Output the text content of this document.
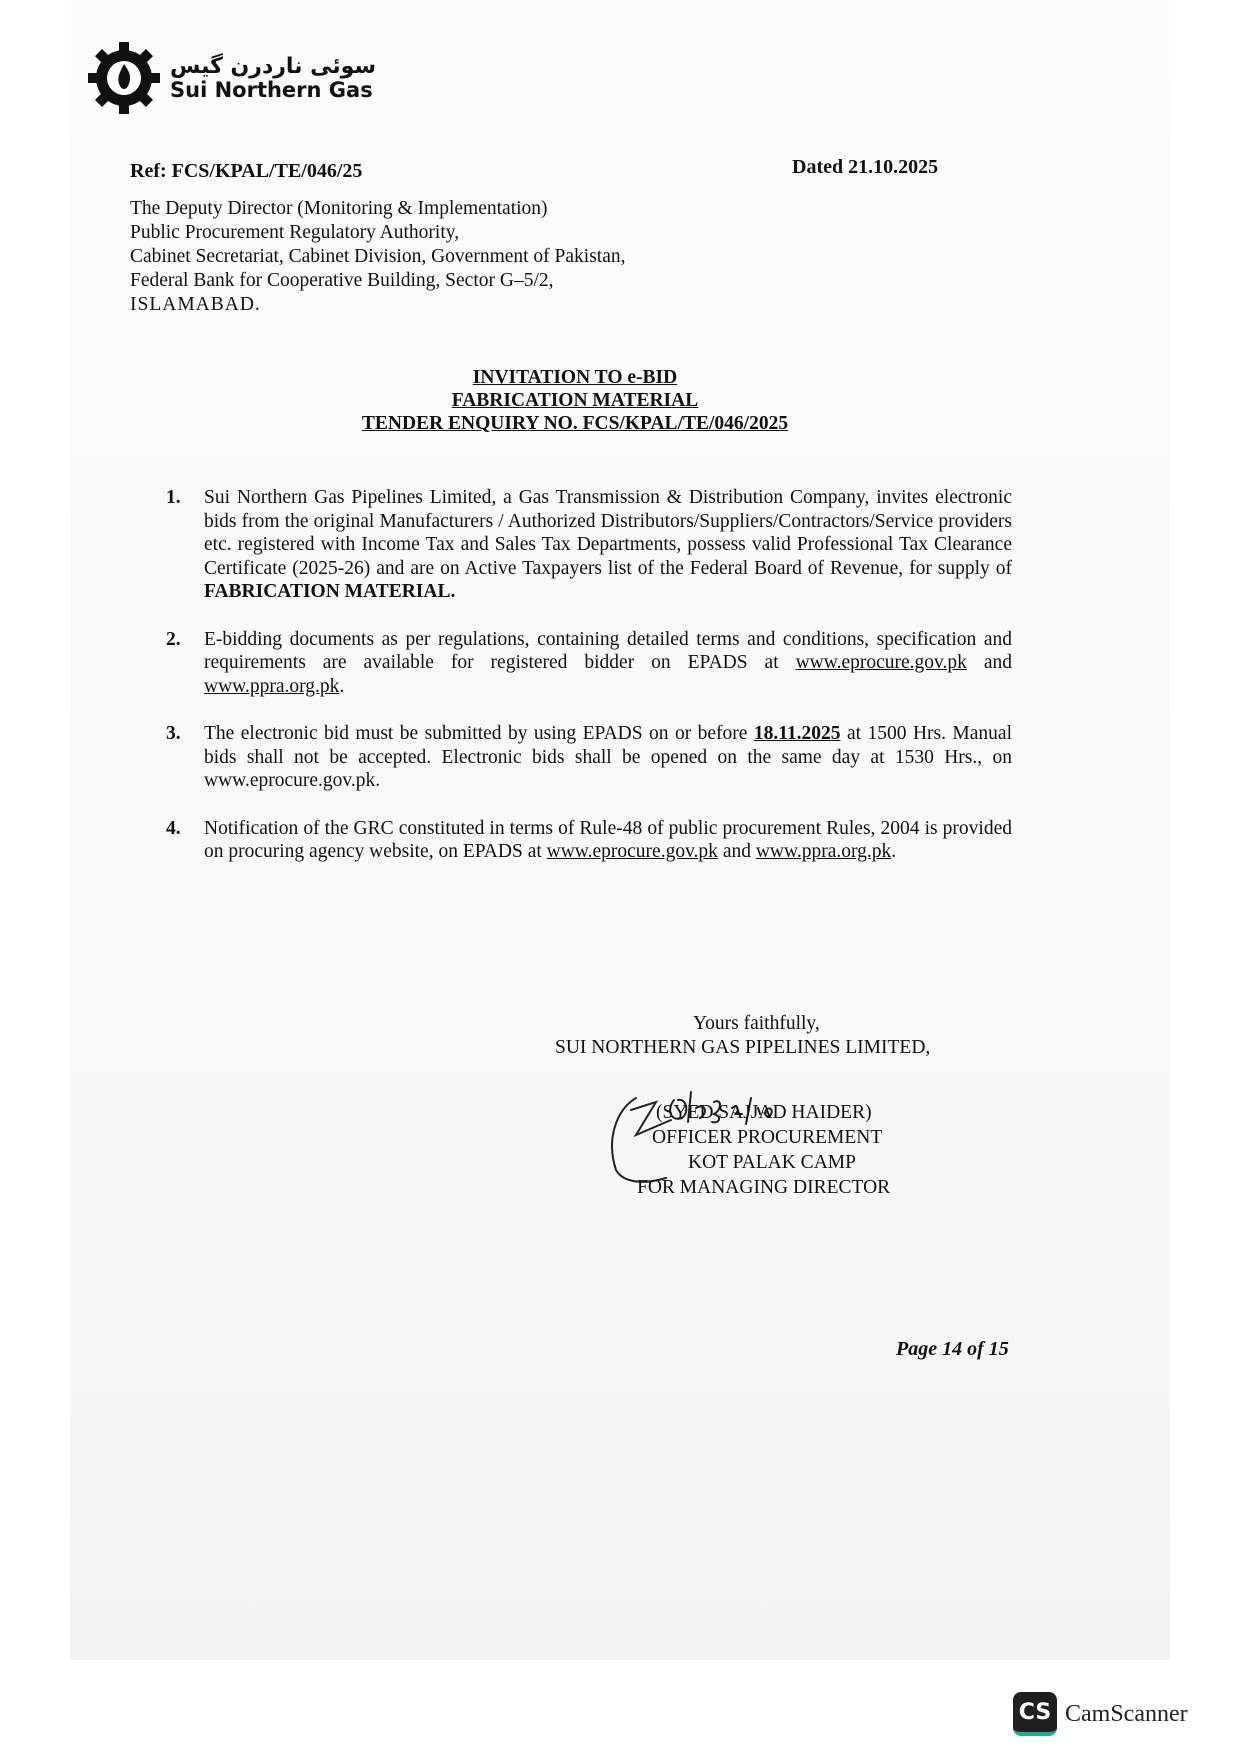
سوئی ناردرن گیس
Sui Northern Gas
Ref: FCS/KPAL/TE/046/25	Dated 21.10.2025
The Deputy Director (Monitoring & Implementation)
Public Procurement Regulatory Authority,
Cabinet Secretariat, Cabinet Division, Government of Pakistan,
Federal Bank for Cooperative Building, Sector G–5/2,
ISLAMABAD.
INVITATION TO e-BID
FABRICATION MATERIAL
TENDER ENQUIRY NO. FCS/KPAL/TE/046/2025
1.	Sui Northern Gas Pipelines Limited, a Gas Transmission & Distribution Company, invites electronic bids from the original Manufacturers / Authorized Distributors/Suppliers/Contractors/Service providers etc. registered with Income Tax and Sales Tax Departments, possess valid Professional Tax Clearance Certificate (2025-26) and are on Active Taxpayers list of the Federal Board of Revenue, for supply of FABRICATION MATERIAL.
2.	E-bidding documents as per regulations, containing detailed terms and conditions, specification and requirements are available for registered bidder on EPADS at www.eprocure.gov.pk and www.ppra.org.pk.
3.	The electronic bid must be submitted by using EPADS on or before 18.11.2025 at 1500 Hrs. Manual bids shall not be accepted. Electronic bids shall be opened on the same day at 1530 Hrs., on www.eprocure.gov.pk.
4.	Notification of the GRC constituted in terms of Rule-48 of public procurement Rules, 2004 is provided on procuring agency website, on EPADS at www.eprocure.gov.pk and www.ppra.org.pk.
Yours faithfully,
SUI NORTHERN GAS PIPELINES LIMITED,
(SYED SAJJAD HAIDER)
OFFICER PROCUREMENT
KOT PALAK CAMP
FOR MANAGING DIRECTOR
Page 14 of 15
CS CamScanner
